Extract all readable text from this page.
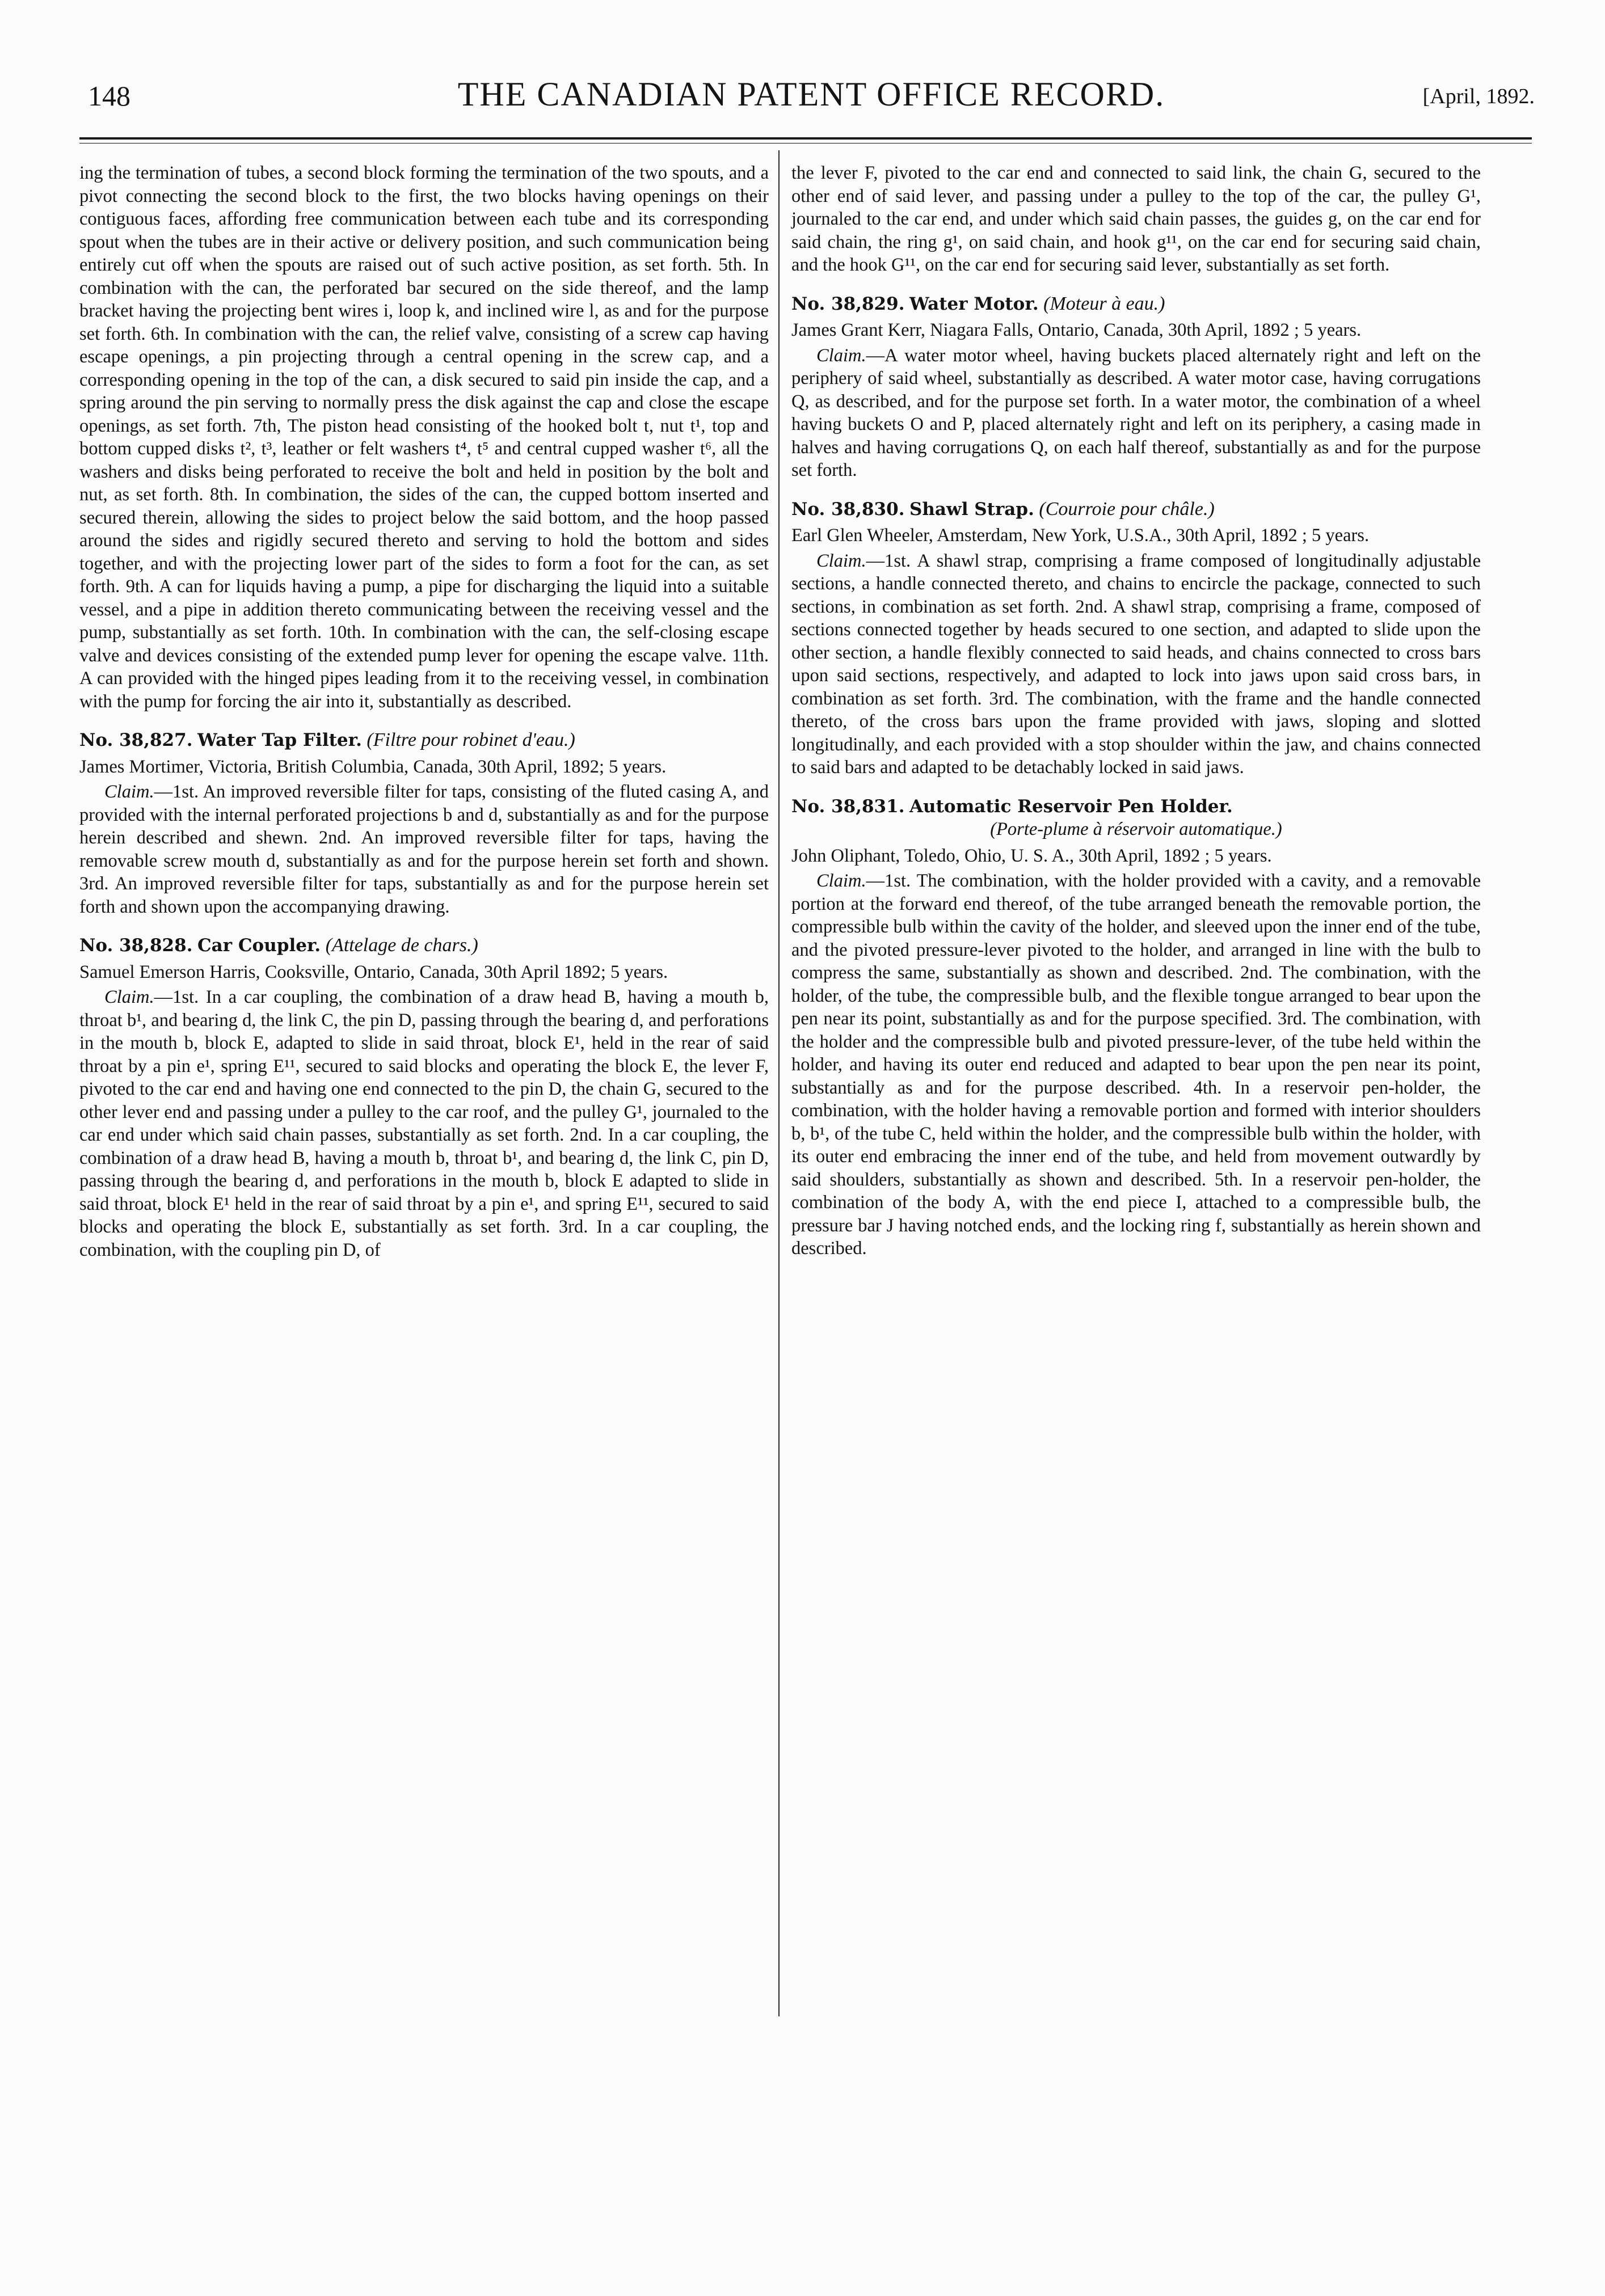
148	THE CANADIAN PATENT OFFICE RECORD.	[April, 1892.

ing the termination of tubes, a second block forming the termination of the two spouts, and a pivot connecting the second block to the first, the two blocks having openings on their contiguous faces, affording free communication between each tube and its corresponding spout when the tubes are in their active or delivery position, and such communication being entirely cut off when the spouts are raised out of such active position, as set forth. 5th. In combination with the can, the perforated bar secured on the side thereof, and the lamp bracket having the projecting bent wires i, loop k, and inclined wire l, as and for the purpose set forth. 6th. In combination with the can, the relief valve, consisting of a screw cap having escape openings, a pin projecting through a central opening in the screw cap, and a corresponding opening in the top of the can, a disk secured to said pin inside the cap, and a spring around the pin serving to normally press the disk against the cap and close the escape openings, as set forth. 7th, The piston head consisting of the hooked bolt t, nut t¹, top and bottom cupped disks t², t³, leather or felt washers t⁴, t⁵ and central cupped washer t⁶, all the washers and disks being perforated to receive the bolt and held in position by the bolt and nut, as set forth. 8th. In combination, the sides of the can, the cupped bottom inserted and secured therein, allowing the sides to project below the said bottom, and the hoop passed around the sides and rigidly secured thereto and serving to hold the bottom and sides together, and with the projecting lower part of the sides to form a foot for the can, as set forth. 9th. A can for liquids having a pump, a pipe for discharging the liquid into a suitable vessel, and a pipe in addition thereto communicating between the receiving vessel and the pump, substantially as set forth. 10th. In combination with the can, the self-closing escape valve and devices consisting of the extended pump lever for opening the escape valve. 11th. A can provided with the hinged pipes leading from it to the receiving vessel, in combination with the pump for forcing the air into it, substantially as described.

No. 38,827. Water Tap Filter. (Filtre pour robinet d'eau.)

James Mortimer, Victoria, British Columbia, Canada, 30th April, 1892; 5 years.

Claim.—1st. An improved reversible filter for taps, consisting of the fluted casing A, and provided with the internal perforated projections b and d, substantially as and for the purpose herein described and shewn. 2nd. An improved reversible filter for taps, having the removable screw mouth d, substantially as and for the purpose herein set forth and shown. 3rd. An improved reversible filter for taps, substantially as and for the purpose herein set forth and shown upon the accompanying drawing.

No. 38,828. Car Coupler. (Attelage de chars.)

Samuel Emerson Harris, Cooksville, Ontario, Canada, 30th April 1892; 5 years.

Claim.—1st. In a car coupling, the combination of a draw head B, having a mouth b, throat b¹, and bearing d, the link C, the pin D, passing through the bearing d, and perforations in the mouth b, block E, adapted to slide in said throat, block E¹, held in the rear of said throat by a pin e¹, spring E¹¹, secured to said blocks and operating the block E, the lever F, pivoted to the car end and having one end connected to the pin D, the chain G, secured to the other lever end and passing under a pulley to the car roof, and the pulley G¹, journaled to the car end under which said chain passes, substantially as set forth. 2nd. In a car coupling, the combination of a draw head B, having a mouth b, throat b¹, and bearing d, the link C, pin D, passing through the bearing d, and perforations in the mouth b, block E adapted to slide in said throat, block E¹ held in the rear of said throat by a pin e¹, and spring E¹¹, secured to said blocks and operating the block E, substantially as set forth. 3rd. In a car coupling, the combination, with the coupling pin D, of

the lever F, pivoted to the car end and connected to said link, the chain G, secured to the other end of said lever, and passing under a pulley to the top of the car, the pulley G¹, journaled to the car end, and under which said chain passes, the guides g, on the car end for said chain, the ring g¹, on said chain, and hook g¹¹, on the car end for securing said chain, and the hook G¹¹, on the car end for securing said lever, substantially as set forth.

No. 38,829. Water Motor. (Moteur à eau.)

James Grant Kerr, Niagara Falls, Ontario, Canada, 30th April, 1892 ; 5 years.

Claim.—A water motor wheel, having buckets placed alternately right and left on the periphery of said wheel, substantially as described. A water motor case, having corrugations Q, as described, and for the purpose set forth. In a water motor, the combination of a wheel having buckets O and P, placed alternately right and left on its periphery, a casing made in halves and having corrugations Q, on each half thereof, substantially as and for the purpose set forth.

No. 38,830. Shawl Strap. (Courroie pour châle.)

Earl Glen Wheeler, Amsterdam, New York, U.S.A., 30th April, 1892 ; 5 years.

Claim.—1st. A shawl strap, comprising a frame composed of longitudinally adjustable sections, a handle connected thereto, and chains to encircle the package, connected to such sections, in combination as set forth. 2nd. A shawl strap, comprising a frame, composed of sections connected together by heads secured to one section, and adapted to slide upon the other section, a handle flexibly connected to said heads, and chains connected to cross bars upon said sections, respectively, and adapted to lock into jaws upon said cross bars, in combination as set forth. 3rd. The combination, with the frame and the handle connected thereto, of the cross bars upon the frame provided with jaws, sloping and slotted longitudinally, and each provided with a stop shoulder within the jaw, and chains connected to said bars and adapted to be detachably locked in said jaws.

No. 38,831. Automatic Reservoir Pen Holder.

(Porte-plume à réservoir automatique.)

John Oliphant, Toledo, Ohio, U. S. A., 30th April, 1892 ; 5 years.

Claim.—1st. The combination, with the holder provided with a cavity, and a removable portion at the forward end thereof, of the tube arranged beneath the removable portion, the compressible bulb within the cavity of the holder, and sleeved upon the inner end of the tube, and the pivoted pressure-lever pivoted to the holder, and arranged in line with the bulb to compress the same, substantially as shown and described. 2nd. The combination, with the holder, of the tube, the compressible bulb, and the flexible tongue arranged to bear upon the pen near its point, substantially as and for the purpose specified. 3rd. The combination, with the holder and the compressible bulb and pivoted pressure-lever, of the tube held within the holder, and having its outer end reduced and adapted to bear upon the pen near its point, substantially as and for the purpose described. 4th. In a reservoir pen-holder, the combination, with the holder having a removable portion and formed with interior shoulders b, b¹, of the tube C, held within the holder, and the compressible bulb within the holder, with its outer end embracing the inner end of the tube, and held from movement outwardly by said shoulders, substantially as shown and described. 5th. In a reservoir pen-holder, the combination of the body A, with the end piece I, attached to a compressible bulb, the pressure bar J having notched ends, and the locking ring f, substantially as herein shown and described.
